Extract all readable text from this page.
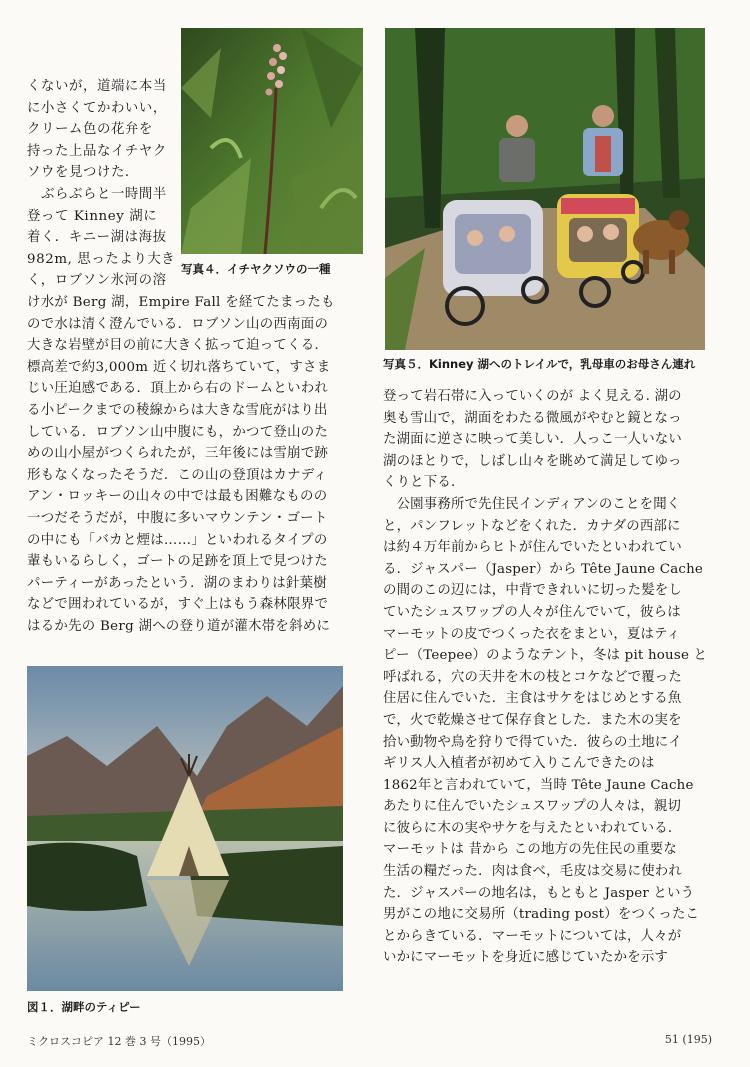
写真４．イチヤクソウの一種
写真５．Kinney 湖へのトレイルで，乳母車のお母さん連れ

くないが，道端に本当

に小さくてかわいい，

クリーム色の花弁を

持った上品なイチヤク

ソウを見つけた．

　ぶらぶらと一時間半

登って Kinney 湖に

着く．キニー湖は海抜

982m, 思ったより大き

く，ロブソン氷河の溶

け水が Berg 湖，Empire Fall を経てたまったも

ので水は清く澄んでいる．ロブソン山の西南面の

大きな岩壁が目の前に大きく拡って迫ってくる．

標高差で約3,000m 近く切れ落ちていて，すさま

じい圧迫感である．頂上から右のドームといわれ

る小ピークまでの稜線からは大きな雪庇がはり出

している．ロブソン山中腹にも，かつて登山のた

めの山小屋がつくられたが，三年後には雪崩で跡

形もなくなったそうだ．この山の登頂はカナディ

アン・ロッキーの山々の中では最も困難なものの

一つだそうだが，中腹に多いマウンテン・ゴート

の中にも「バカと煙は……」といわれるタイプの

輩もいるらしく，ゴートの足跡を頂上で見つけた

パーティーがあったという．湖のまわりは針葉樹

などで囲われているが，すぐ上はもう森林限界で

はるか先の Berg 湖への登り道が灌木帯を斜めに

図１．湖畔のティピー

登って岩石帯に入っていくのが よく見える. 湖の

奥も雪山で，湖面をわたる微風がやむと鏡となっ

た湖面に逆さに映って美しい．人っこ一人いない

湖のほとりで，しばし山々を眺めて満足してゆっ

くりと下る．

　公園事務所で先住民インディアンのことを聞く

と，パンフレットなどをくれた．カナダの西部に

は約４万年前からヒトが住んでいたといわれてい

る．ジャスパー（Jasper）から Tête Jaune Cache

の間のこの辺には，中背できれいに切った髪をし

ていたシュスワップの人々が住んでいて，彼らは

マーモットの皮でつくった衣をまとい，夏はティ

ピー（Teepee）のようなテント，冬は pit house と

呼ばれる，穴の天井を木の枝とコケなどで覆った

住居に住んでいた．主食はサケをはじめとする魚

で，火で乾燥させて保存食とした．また木の実を

拾い動物や鳥を狩りで得ていた．彼らの土地にイ

ギリス人入植者が初めて入りこんできたのは

1862年と言われていて，当時 Tête Jaune Cache

あたりに住んでいたシュスワップの人々は，親切

に彼らに木の実やサケを与えたといわれている．

マーモットは 昔から この地方の先住民の重要な

生活の糧だった．肉は食べ，毛皮は交易に使われ

た．ジャスパーの地名は，もともと Jasper という

男がこの地に交易所（trading post）をつくったこ

とからきている．マーモットについては，人々が

いかにマーモットを身近に感じていたかを示す

ミクロスコピア 12 巻 3 号（1995）	51 (195)
